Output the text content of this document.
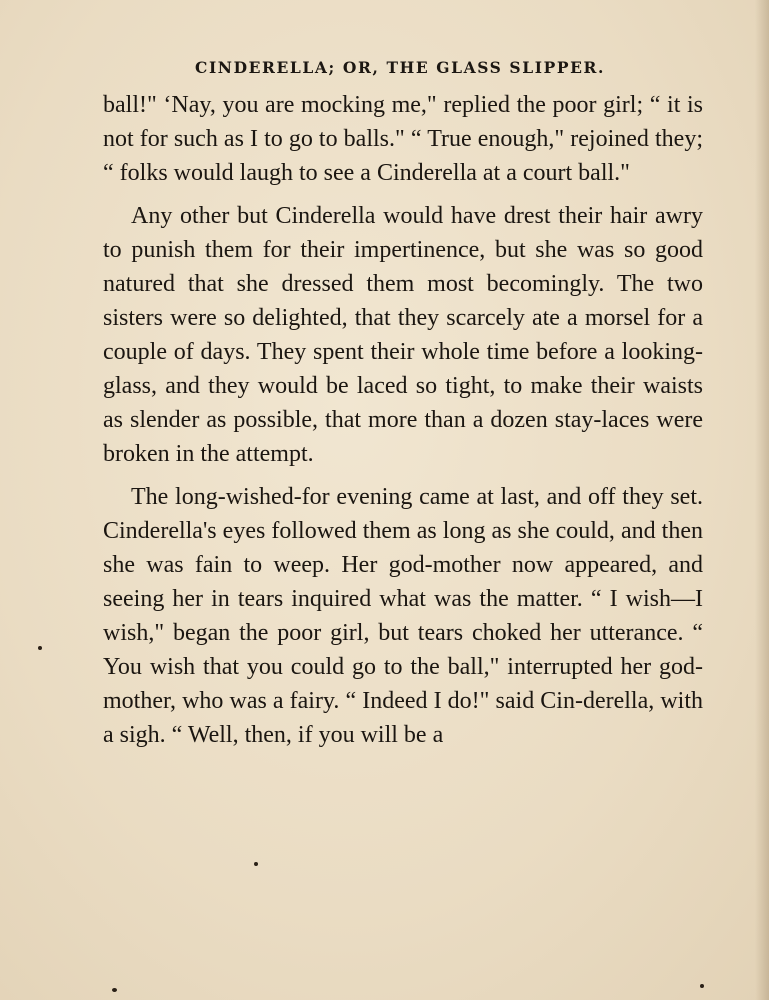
CINDERELLA; OR, THE GLASS SLIPPER.

ball!" ‘Nay, you are mocking me," replied the poor girl; “ it is not for such as I to go to balls." “ True enough," rejoined they; “ folks would laugh to see a Cinderella at a court ball."

Any other but Cinderella would have drest their hair awry to punish them for their impertinence, but she was so good natured that she dressed them most becomingly. The two sisters were so delighted, that they scarcely ate a morsel for a couple of days. They spent their whole time before a looking-glass, and they would be laced so tight, to make their waists as slender as possible, that more than a dozen stay-laces were broken in the attempt.

The long-wished-for evening came at last, and off they set. Cinderella's eyes followed them as long as she could, and then she was fain to weep. Her god-mother now appeared, and seeing her in tears inquired what was the matter. “ I wish—I wish," began the poor girl, but tears choked her utterance. “ You wish that you could go to the ball," interrupted her god-mother, who was a fairy. “ Indeed I do!" said Cin-derella, with a sigh. “ Well, then, if you will be a
